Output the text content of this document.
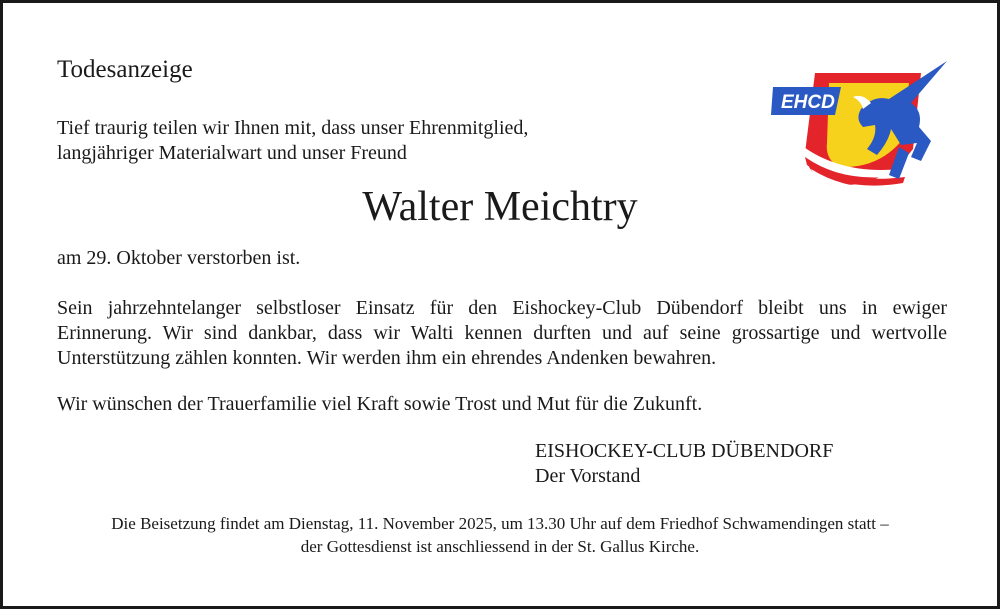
Todesanzeige
Tief traurig teilen wir Ihnen mit, dass unser Ehrenmitglied,
langjähriger Materialwart und unser Freund
Walter Meichtry
am 29. Oktober verstorben ist.
Sein jahrzehntelanger selbstloser Einsatz für den Eishockey-Club Dübendorf bleibt uns in ewiger
Erinnerung. Wir sind dankbar, dass wir Walti kennen durften und auf seine grossartige und wertvolle
Unterstützung zählen konnten. Wir werden ihm ein ehrendes Andenken bewahren.
Wir wünschen der Trauerfamilie viel Kraft sowie Trost und Mut für die Zukunft.
EISHOCKEY-CLUB DÜBENDORF
Der Vorstand
Die Beisetzung findet am Dienstag, 11. November 2025, um 13.30 Uhr auf dem Friedhof Schwamendingen statt –
der Gottesdienst ist anschliessend in der St. Gallus Kirche.
EHCD
